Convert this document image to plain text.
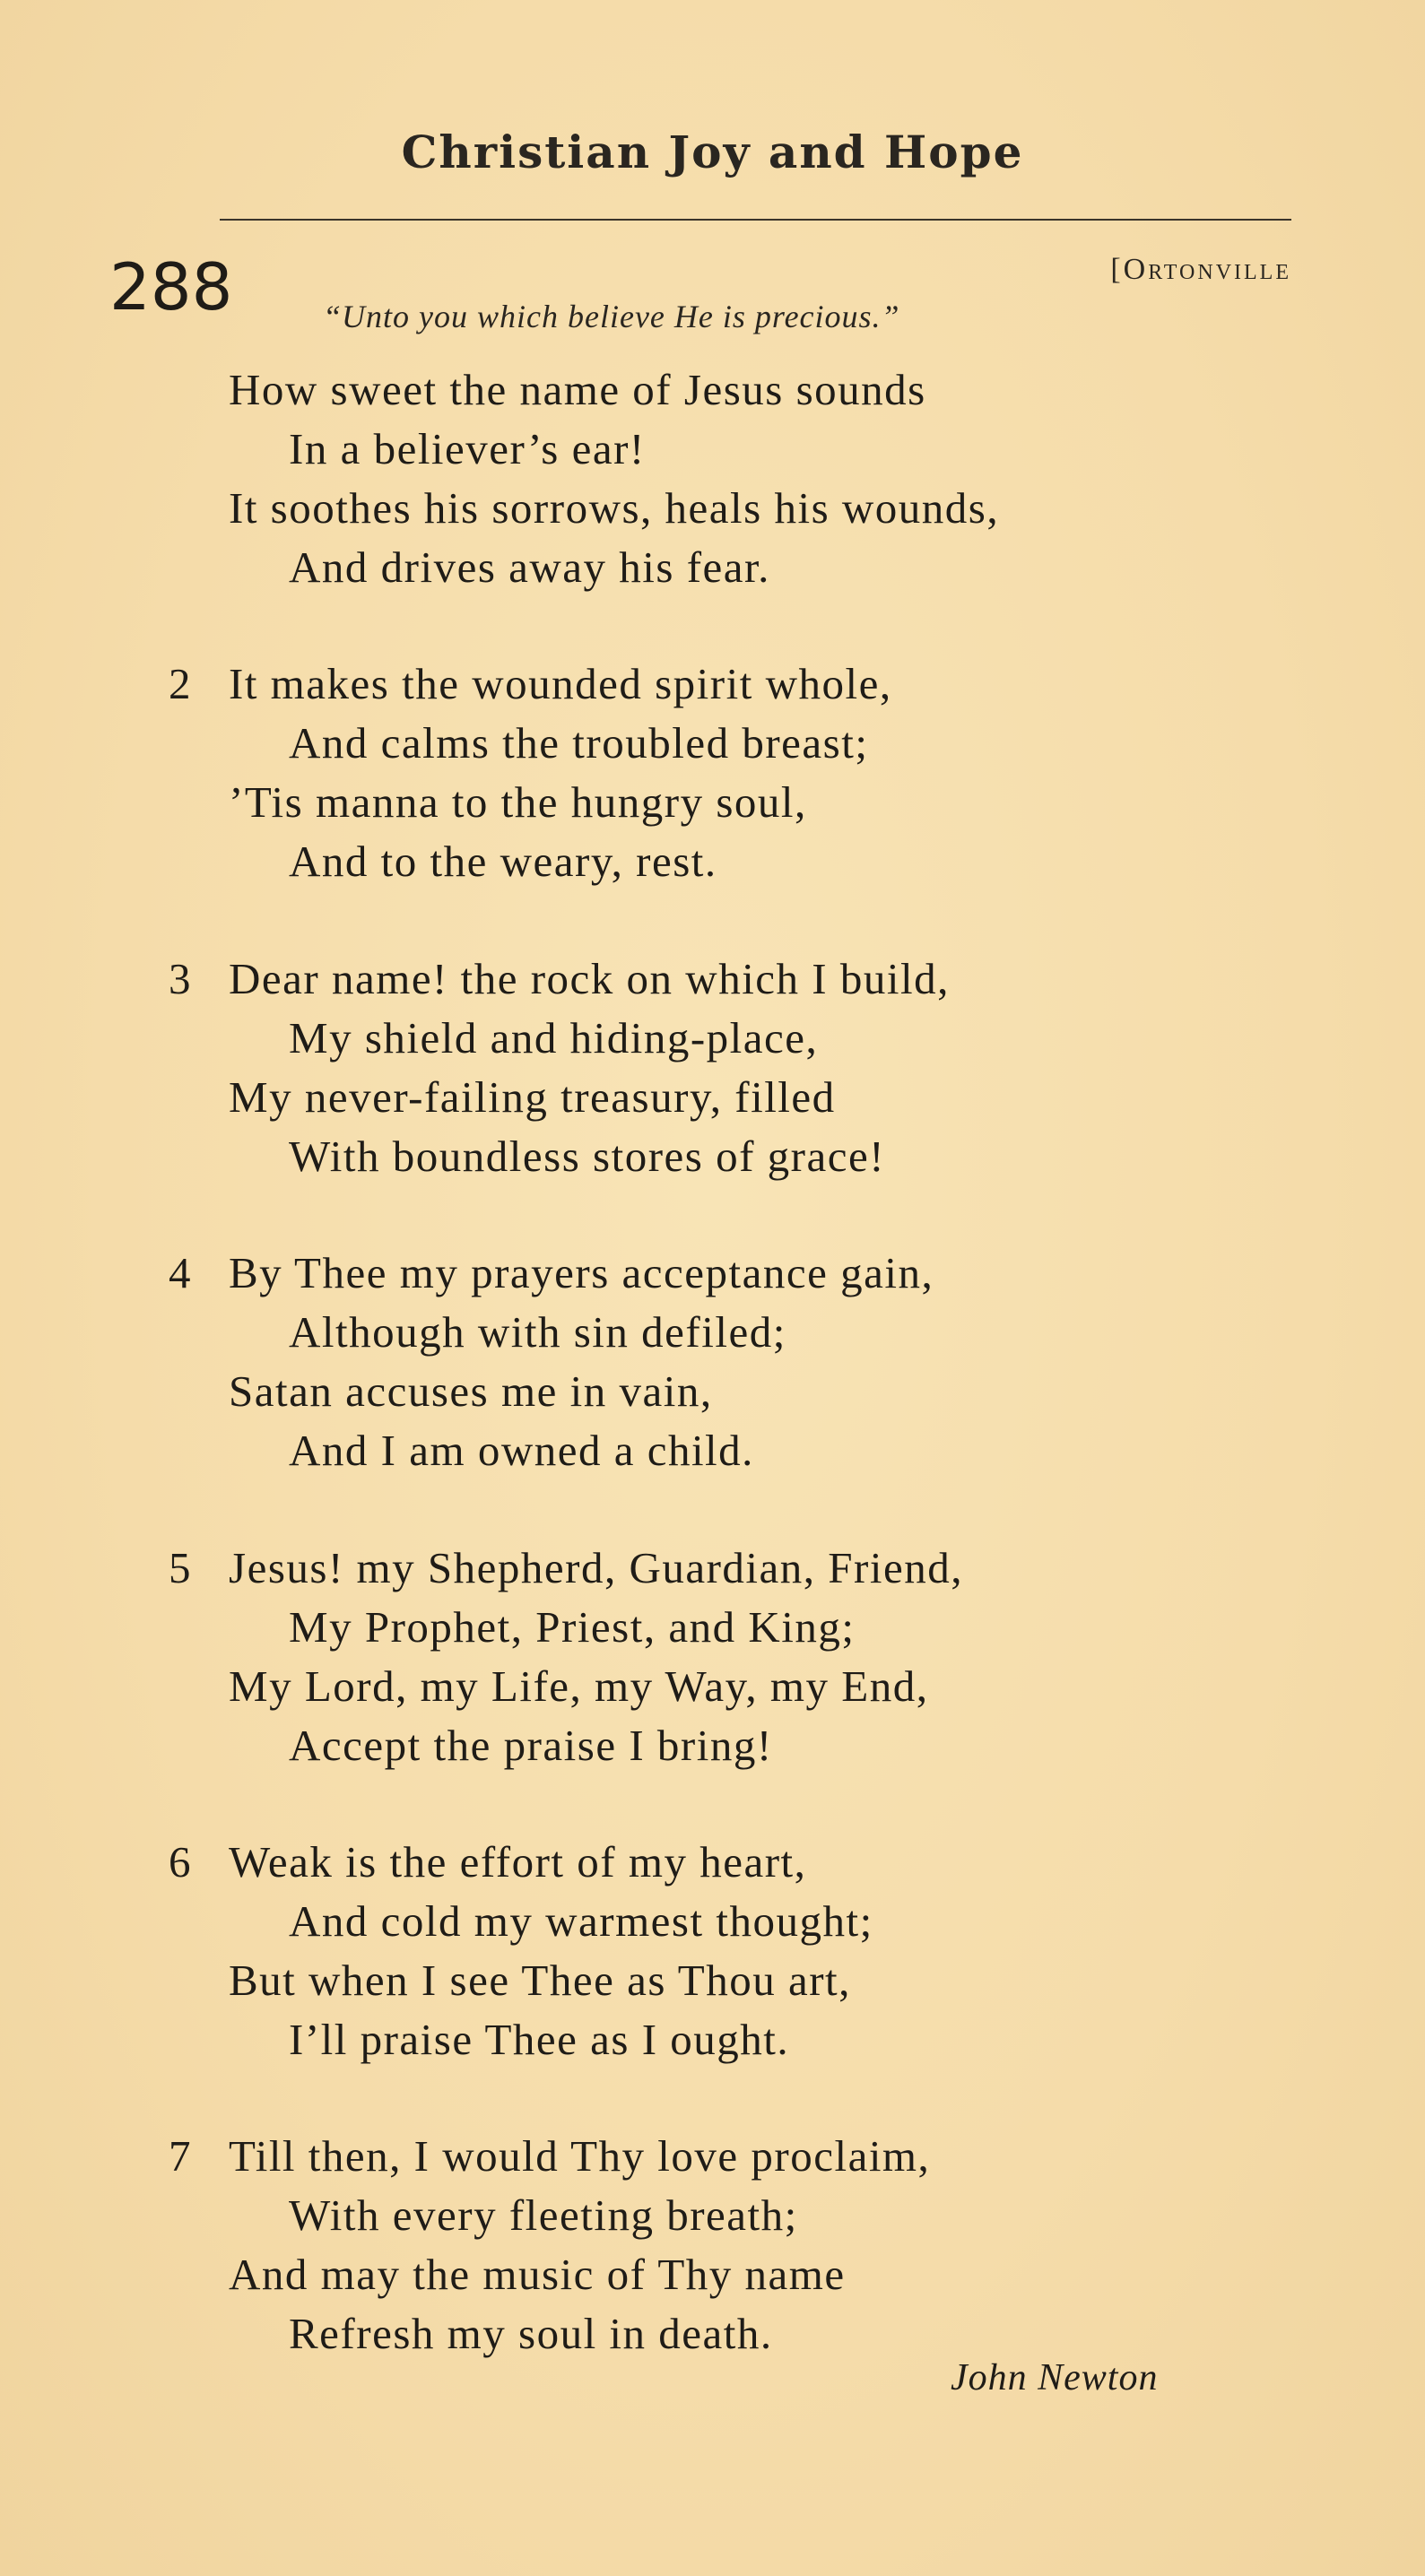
Christian Joy and Hope
288	[Ortonville
“Unto you which believe He is precious.”
How sweet the name of Jesus sounds
In a believer’s ear!
It soothes his sorrows, heals his wounds,
And drives away his fear.
2 It makes the wounded spirit whole,
And calms the troubled breast;
’Tis manna to the hungry soul,
And to the weary, rest.
3 Dear name! the rock on which I build,
My shield and hiding-place,
My never-failing treasury, filled
With boundless stores of grace!
4 By Thee my prayers acceptance gain,
Although with sin defiled;
Satan accuses me in vain,
And I am owned a child.
5 Jesus! my Shepherd, Guardian, Friend,
My Prophet, Priest, and King;
My Lord, my Life, my Way, my End,
Accept the praise I bring!
6 Weak is the effort of my heart,
And cold my warmest thought;
But when I see Thee as Thou art,
I’ll praise Thee as I ought.
7 Till then, I would Thy love proclaim,
With every fleeting breath;
And may the music of Thy name
Refresh my soul in death.
John Newton
